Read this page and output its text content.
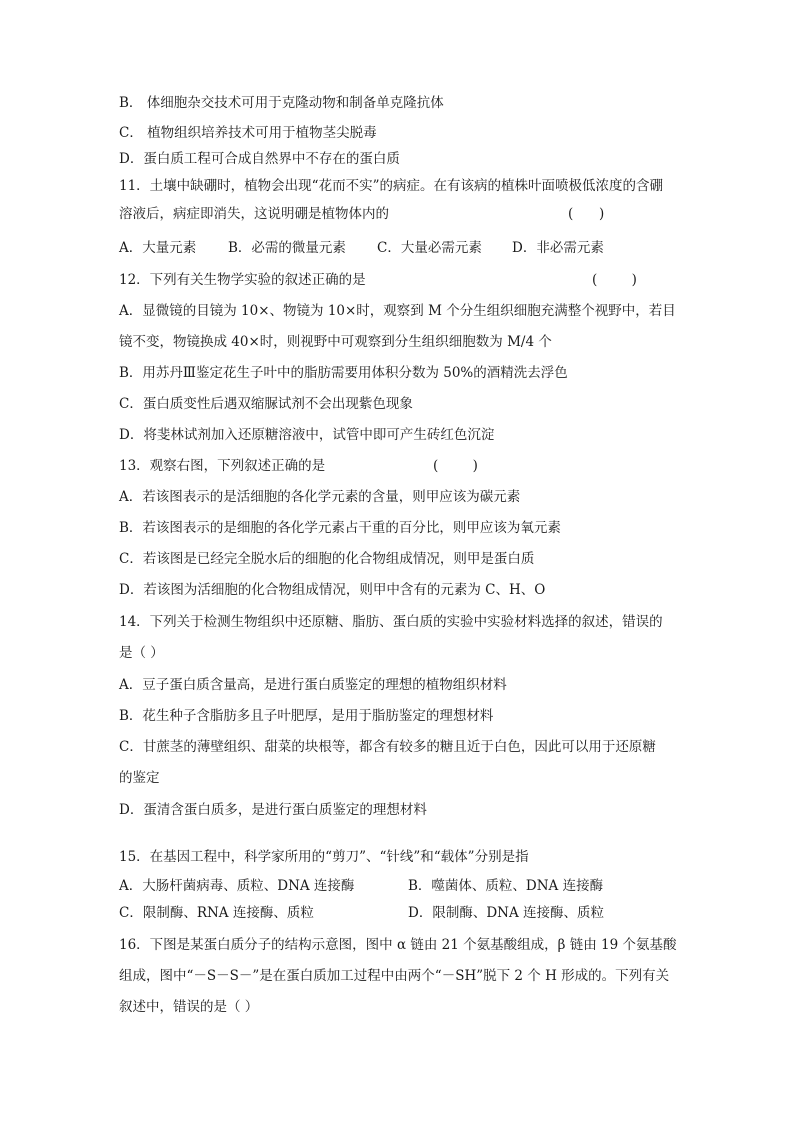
B． 体细胞杂交技术可用于克隆动物和制备单克隆抗体
C． 植物组织培养技术可用于植物茎尖脱毒
D．蛋白质工程可合成自然界中不存在的蛋白质
11．土壤中缺硼时，植物会出现“花而不实”的病症。在有该病的植株叶面喷极低浓度的含硼
溶液后，病症即消失，这说明硼是植物体内的	(      )
A．大量元素 B．必需的微量元素 C．大量必需元素 D．非必需元素
12．下列有关生物学实验的叙述正确的是	(        )
A．显微镜的目镜为 10×、物镜为 10×时，观察到 M 个分生组织细胞充满整个视野中，若目
镜不变，物镜换成 40×时，则视野中可观察到分生组织细胞数为 M/4 个
B．用苏丹Ⅲ鉴定花生子叶中的脂肪需要用体积分数为 50%的酒精洗去浮色
C．蛋白质变性后遇双缩脲试剂不会出现紫色现象
D．将斐林试剂加入还原糖溶液中，试管中即可产生砖红色沉淀
13．观察右图，下列叙述正确的是	(        )
A．若该图表示的是活细胞的各化学元素的含量，则甲应该为碳元素
B．若该图表示的是细胞的各化学元素占干重的百分比，则甲应该为氧元素
C．若该图是已经完全脱水后的细胞的化合物组成情况，则甲是蛋白质
D．若该图为活细胞的化合物组成情况，则甲中含有的元素为 C、H、O
14．下列关于检测生物组织中还原糖、脂肪、蛋白质的实验中实验材料选择的叙述，错误的
是（ ）
A．豆子蛋白质含量高，是进行蛋白质鉴定的理想的植物组织材料
B．花生种子含脂肪多且子叶肥厚，是用于脂肪鉴定的理想材料
C．甘蔗茎的薄壁组织、甜菜的块根等，都含有较多的糖且近于白色，因此可以用于还原糖
的鉴定
D．蛋清含蛋白质多，是进行蛋白质鉴定的理想材料
15．在基因工程中，科学家所用的“剪刀”、“针线”和“载体”分别是指
A．大肠杆菌病毒、质粒、DNA 连接酶	B．噬菌体、质粒、DNA 连接酶
C．限制酶、RNA 连接酶、质粒	D．限制酶、DNA 连接酶、质粒
16．下图是某蛋白质分子的结构示意图，图中 α 链由 21 个氨基酸组成，β 链由 19 个氨基酸
组成，图中“－S－S－”是在蛋白质加工过程中由两个“－SH”脱下 2 个 H 形成的。下列有关
叙述中，错误的是（ ）
